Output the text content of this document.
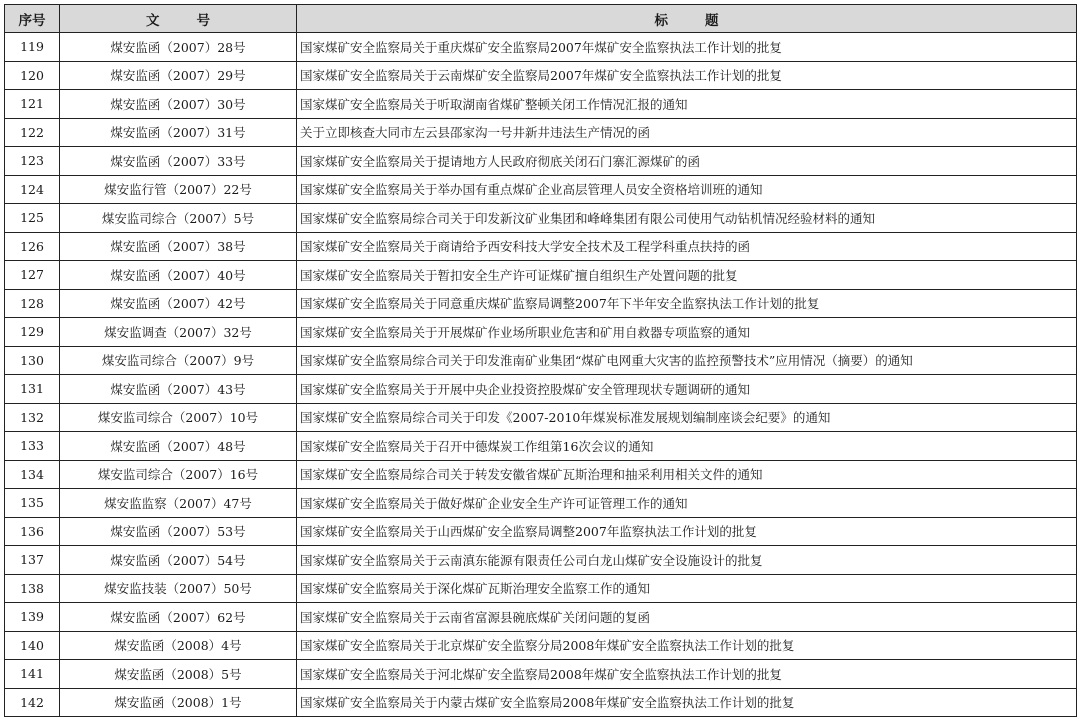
序号	文 号	标 题
119	煤安监函（2007）28号	国家煤矿安全监察局关于重庆煤矿安全监察局2007年煤矿安全监察执法工作计划的批复
120	煤安监函（2007）29号	国家煤矿安全监察局关于云南煤矿安全监察局2007年煤矿安全监察执法工作计划的批复
121	煤安监函（2007）30号	国家煤矿安全监察局关于听取湖南省煤矿整顿关闭工作情况汇报的通知
122	煤安监函（2007）31号	关于立即核查大同市左云县邵家沟一号井新井违法生产情况的函
123	煤安监函（2007）33号	国家煤矿安全监察局关于提请地方人民政府彻底关闭石门寨汇源煤矿的函
124	煤安监行管（2007）22号	国家煤矿安全监察局关于举办国有重点煤矿企业高层管理人员安全资格培训班的通知
125	煤安监司综合（2007）5号	国家煤矿安全监察局综合司关于印发新汶矿业集团和峰峰集团有限公司使用气动钻机情况经验材料的通知
126	煤安监函（2007）38号	国家煤矿安全监察局关于商请给予西安科技大学安全技术及工程学科重点扶持的函
127	煤安监函（2007）40号	国家煤矿安全监察局关于暂扣安全生产许可证煤矿擅自组织生产处置问题的批复
128	煤安监函（2007）42号	国家煤矿安全监察局关于同意重庆煤矿监察局调整2007年下半年安全监察执法工作计划的批复
129	煤安监调查（2007）32号	国家煤矿安全监察局关于开展煤矿作业场所职业危害和矿用自救器专项监察的通知
130	煤安监司综合（2007）9号	国家煤矿安全监察局综合司关于印发淮南矿业集团“煤矿电网重大灾害的监控预警技术”应用情况（摘要）的通知
131	煤安监函（2007）43号	国家煤矿安全监察局关于开展中央企业投资控股煤矿安全管理现状专题调研的通知
132	煤安监司综合（2007）10号	国家煤矿安全监察局综合司关于印发《2007-2010年煤炭标准发展规划编制座谈会纪要》的通知
133	煤安监函（2007）48号	国家煤矿安全监察局关于召开中德煤炭工作组第16次会议的通知
134	煤安监司综合（2007）16号	国家煤矿安全监察局综合司关于转发安徽省煤矿瓦斯治理和抽采利用相关文件的通知
135	煤安监监察（2007）47号	国家煤矿安全监察局关于做好煤矿企业安全生产许可证管理工作的通知
136	煤安监函（2007）53号	国家煤矿安全监察局关于山西煤矿安全监察局调整2007年监察执法工作计划的批复
137	煤安监函（2007）54号	国家煤矿安全监察局关于云南滇东能源有限责任公司白龙山煤矿安全设施设计的批复
138	煤安监技装（2007）50号	国家煤矿安全监察局关于深化煤矿瓦斯治理安全监察工作的通知
139	煤安监函（2007）62号	国家煤矿安全监察局关于云南省富源县碗底煤矿关闭问题的复函
140	煤安监函（2008）4号	国家煤矿安全监察局关于北京煤矿安全监察分局2008年煤矿安全监察执法工作计划的批复
141	煤安监函（2008）5号	国家煤矿安全监察局关于河北煤矿安全监察局2008年煤矿安全监察执法工作计划的批复
142	煤安监函（2008）1号	国家煤矿安全监察局关于内蒙古煤矿安全监察局2008年煤矿安全监察执法工作计划的批复
